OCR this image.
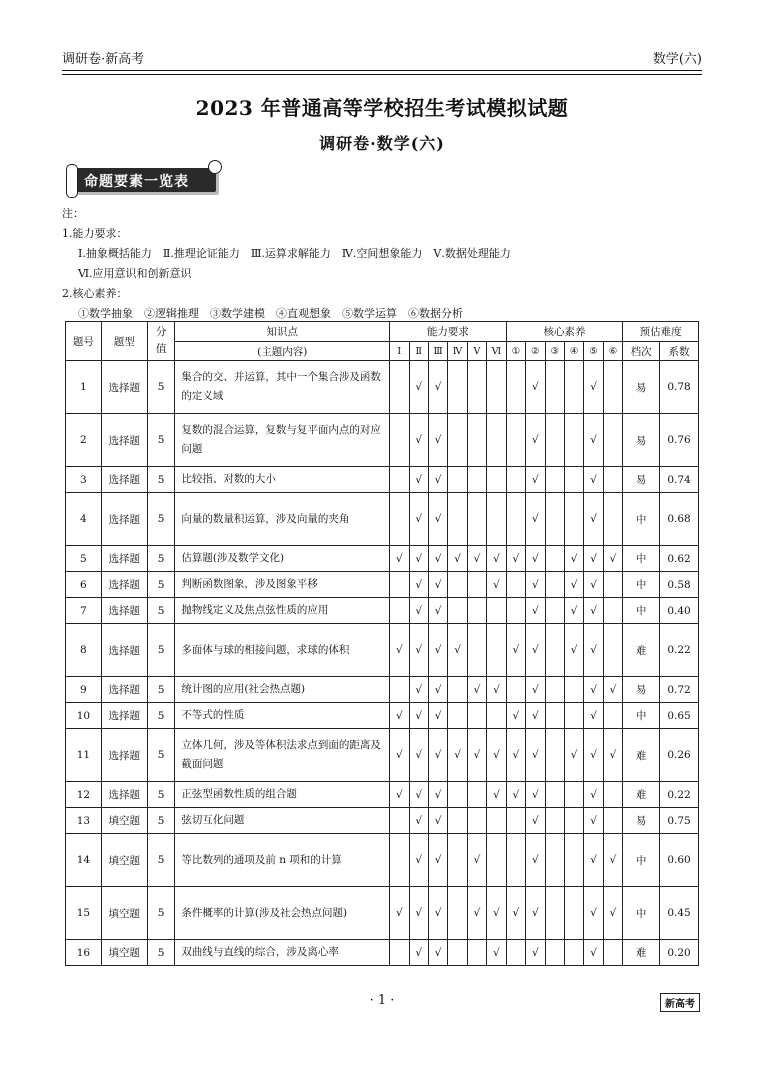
调研卷·新高考	数学(六)
2023 年普通高等学校招生考试模拟试题
调研卷·数学(六)
命题要素一览表
注：
1.能力要求：
Ⅰ.抽象概括能力　Ⅱ.推理论证能力　Ⅲ.运算求解能力　Ⅳ.空间想象能力　Ⅴ.数据处理能力
Ⅵ.应用意识和创新意识
2.核心素养：
①数学抽象　②逻辑推理　③数学建模　④直观想象　⑤数学运算　⑥数据分析
题号	题型	分值	知识点	能力要求						核心素养						预估难度	
			(主题内容)	Ⅰ	Ⅱ	Ⅲ	Ⅳ	Ⅴ	Ⅵ	①	②	③	④	⑤	⑥	档次	系数
1	选择题	5	集合的交、并运算，其中一个集合涉及函数的定义域		√	√					√			√		易	0.78
2	选择题	5	复数的混合运算，复数与复平面内点的对应问题		√	√					√			√		易	0.76
3	选择题	5	比较指、对数的大小		√	√					√			√		易	0.74
4	选择题	5	向量的数量积运算，涉及向量的夹角		√	√					√			√		中	0.68
5	选择题	5	估算题(涉及数学文化)	√	√	√	√	√	√	√	√		√	√	√	中	0.62
6	选择题	5	判断函数图象，涉及图象平移		√	√			√		√		√	√		中	0.58
7	选择题	5	抛物线定义及焦点弦性质的应用		√	√					√		√	√		中	0.40
8	选择题	5	多面体与球的相接问题，求球的体积	√	√	√	√			√	√		√	√		难	0.22
9	选择题	5	统计图的应用(社会热点题)		√	√		√	√		√			√	√	易	0.72
10	选择题	5	不等式的性质	√	√	√				√	√			√		中	0.65
11	选择题	5	立体几何，涉及等体积法求点到面的距离及截面问题	√	√	√	√	√	√	√	√		√	√	√	难	0.26
12	选择题	5	正弦型函数性质的组合题	√	√	√			√	√	√			√		难	0.22
13	填空题	5	弦切互化问题		√	√					√			√		易	0.75
14	填空题	5	等比数列的通项及前 n 项和的计算		√	√		√			√			√	√	中	0.60
15	填空题	5	条件概率的计算(涉及社会热点问题)	√	√	√		√	√	√	√			√	√	中	0.45
16	填空题	5	双曲线与直线的综合，涉及离心率		√	√			√		√			√		难	0.20
· 1 ·	新高考
